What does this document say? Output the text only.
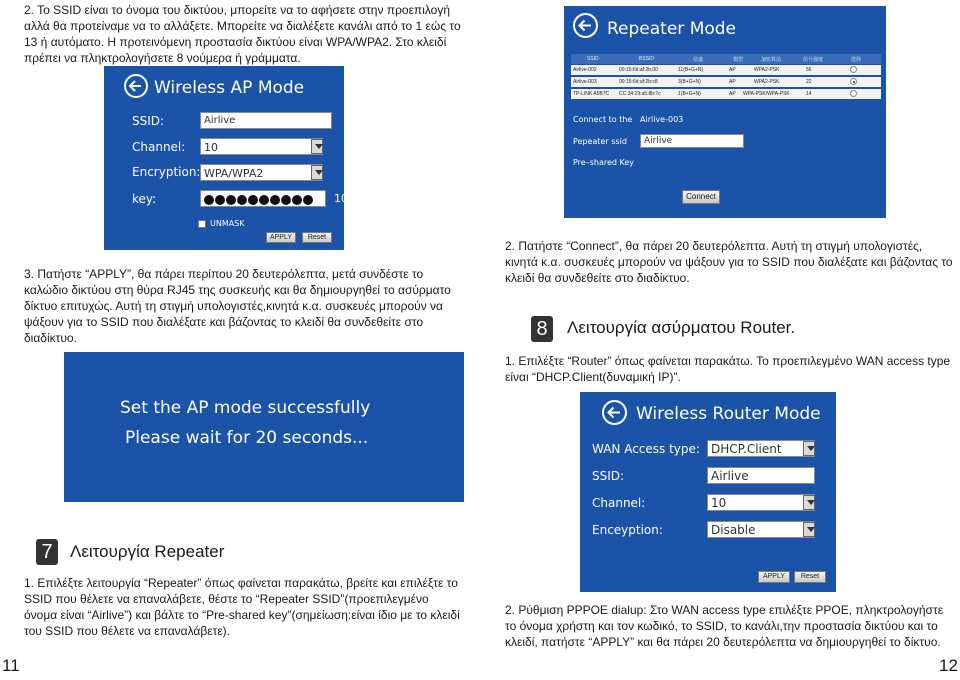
2. Το SSID είναι το όνομα του δικτύου, μπορείτε να το αφήσετε στην προεπιλογή αλλά θα προτείναμε να το αλλάξετε. Μπορείτε να διαλέξετε κανάλι από το 1 εώς το 13 ή αυτόματο. Η προτεινόμενη προστασία δικτύου είναι WPA/WPA2. Στο κλειδί πρέπει να πληκτρολογήσετε 8 νούμερα ή γράμματα.
Wireless AP Mode
SSID:	Airlive
Channel:	10
Encryption: WPA/WPA2
key:	10
UNMASK
APPLY	Reset
3. Πατήστε “APPLY”, θα πάρει περίπου 20 δευτερόλεπτα, μετά συνδέστε το καλώδιο δικτύου στη θύρα RJ45 της συσκευής και θα δημιουργηθεί το ασύρματο δίκτυο επιτυχώς. Αυτή τη στιγμή υπολογιστές,κινητά κ.α. συσκευές μπορούν να ψάξουν για το SSID που διαλέξατε και βάζοντας το κλειδί θα συνδεθείτε στο διαδίκτυο.
Set the AP mode successfully
Please wait for 20 seconds...
7	Λειτουργία Repeater
1. Επιλέξτε λειτουργία “Repeater” όπως φαίνεται παρακάτω, βρείτε και επιλέξτε το SSID που θέλετε να επαναλάβετε, θέστε το “Repeater SSID”(προεπιλεγμένο όνομα είναι “Airlive”) και βάλτε το “Pre-shared key”(σημείωση:είναι ίδιο με το κλειδί του SSID που θέλετε να επαναλάβετε).
11
Repeater Mode
SSID	BSSID	信道	模型	加密算法	信号强度	选择
Airlive-002	00:15:6d:af:2b:00	11(B+G+N)	AP	WPA2-PSK	56
Airlive-003	00:15:6d:af:2b:c8	3(B+G+N)	AP	WPA2-PSK	22
TP-LINK A5B7C CC:34:29:a5:8b:7c	1(B+G+N)	AP WPA-PSK/WPA-PSK	14
Connect to the Airlive-003
Pepeater ssid	Airlive
Pre–shared Key
Connect
2. Πατήστε “Connect”, θα πάρει 20 δευτερόλεπτα. Αυτή τη στιγμή υπολογιστές, κινητά κ.α. συσκευές μπορούν να ψάξουν για το SSID που διαλέξατε και βάζοντας το κλειδί θα συνδεθείτε στο διαδίκτυο.
8	Λειτουργία ασύρματου Router.
1. Επιλέξτε “Router” όπως φαίνεται παρακάτω. Το προεπιλεγμένο WAN access type είναι “DHCP.Client(δυναμική IP)”.
Wireless Router Mode
WAN Access type: DHCP.Client
SSID:	Airlive
Channel:	10
Enceyption:	Disable
APPLY	Reset
2. Ρύθμιση PPPOE dialup: Στο WAN access type επιλέξτε PPOE, πληκτρολογήστε το όνομα χρήστη και τον κωδικό, το SSID, το κανάλι,την προστασία δικτύου και το κλειδί, πατήστε “APPLY” και θα πάρει 20 δευτερόλεπτα να δημιουργηθεί το δίκτυο.
12
